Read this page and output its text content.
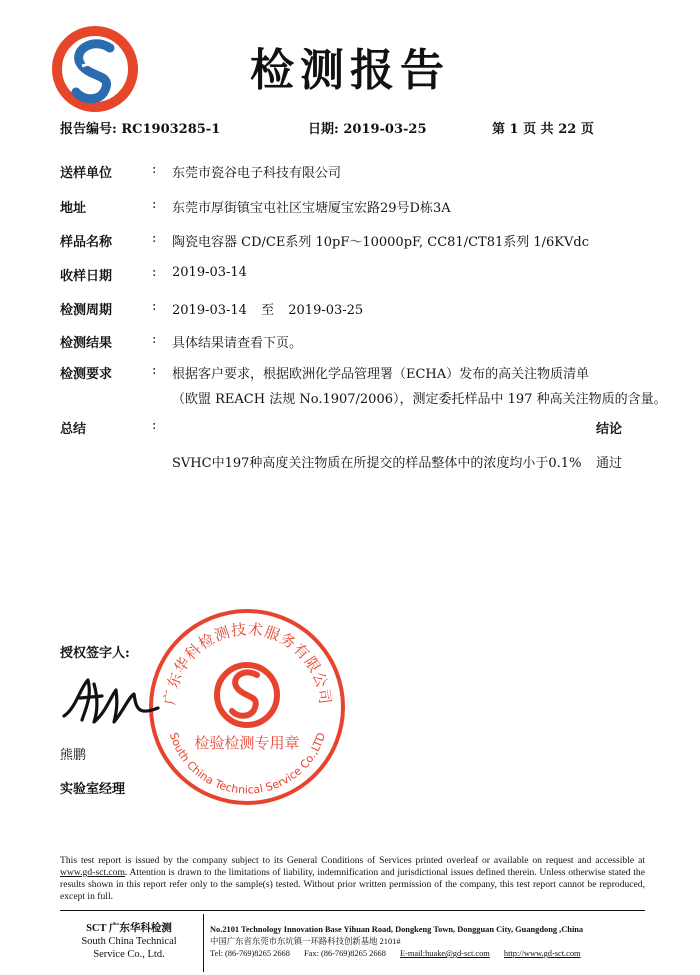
检测报告
报告编号: RC1903285-1	日期: 2019-03-25	第 1 页 共 22 页
送样单位	: 东莞市瓷谷电子科技有限公司
地址	: 东莞市厚街镇宝屯社区宝塘厦宝宏路29号D栋3A
样品名称	: 陶瓷电容器 CD/CE系列 10pF～10000pF, CC81/CT81系列 1/6KVdc
收样日期	: 2019-03-14
检测周期	: 2019-03-14 至 2019-03-25
检测结果	: 具体结果请查看下页。
检测要求	: 根据客户要求，根据欧洲化学品管理署（ECHA）发布的高关注物质清单
（欧盟 REACH 法规 No.1907/2006），测定委托样品中 197 种高关注物质的含量。
总结	:	结论
SVHC中197种高度关注物质在所提交的样品整体中的浓度均小于0.1% 通过
授权签字人:
广东华科检测技术服务有限公司
South China Technical Service Co.,LTD
检验检测专用章
熊鹏
实验室经理
This test report is issued by the company subject to its General Conditions of Services printed overleaf or available on request and accessible at www.gd-sct.com. Attention is drawn to the limitations of liability, indemnification and jurisdictional issues defined therein. Unless otherwise stated the results shown in this report refer only to the sample(s) tested. Without prior written permission of the company, this test report cannot be reproduced, except in full.
SCT 广东华科检测
South China Technical
Service Co., Ltd.
No.2101 Technology Innovation Base Yihuan Road, Dongkeng Town, Dongguan City, Guangdong ,China
中国广东省东莞市东坑镇一环路科技创新基地 2101#
Tel: (86-769)8265 2668 Fax: (86-769)8265 2668 E-mail:huake@gd-sct.com http://www.gd-sct.com
